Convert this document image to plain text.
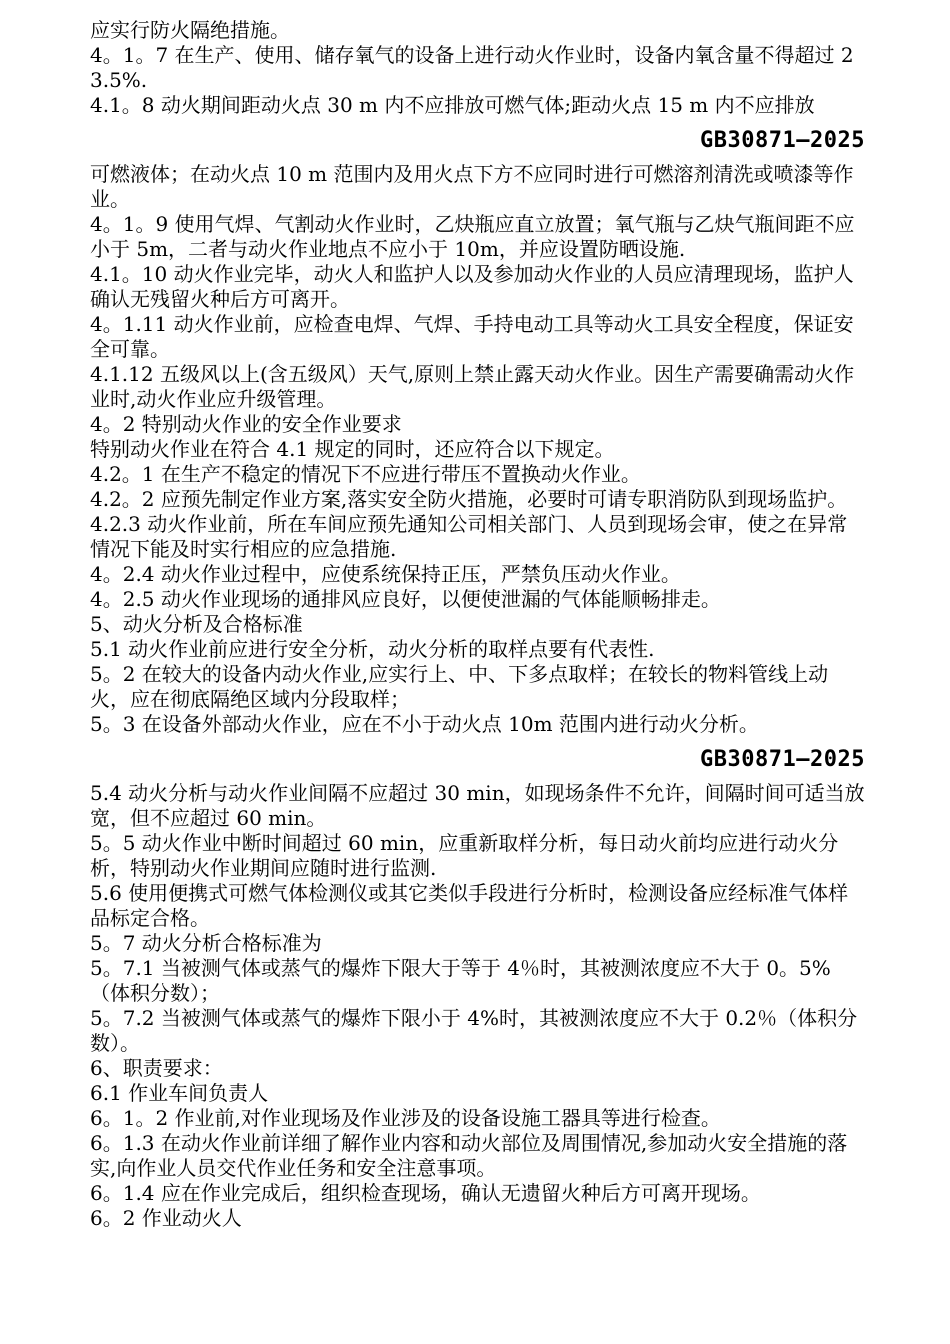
应实行防火隔绝措施。
4。1。7 在生产、使用、储存氧气的设备上进行动火作业时，设备内氧含量不得超过 23.5%.
4.1。8 动火期间距动火点 30 m 内不应排放可燃气体;距动火点 15 m 内不应排放
GB30871—2025
可燃液体；在动火点 10 m 范围内及用火点下方不应同时进行可燃溶剂清洗或喷漆等作业。
4。1。9 使用气焊、气割动火作业时，乙炔瓶应直立放置；氧气瓶与乙炔气瓶间距不应小于 5m，二者与动火作业地点不应小于 10m，并应设置防晒设施.
4.1。10 动火作业完毕，动火人和监护人以及参加动火作业的人员应清理现场，监护人确认无残留火种后方可离开。
4。1.11 动火作业前，应检查电焊、气焊、手持电动工具等动火工具安全程度，保证安全可靠。
4.1.12 五级风以上(含五级风）天气,原则上禁止露天动火作业。因生产需要确需动火作业时,动火作业应升级管理。
4。2 特别动火作业的安全作业要求
特别动火作业在符合 4.1 规定的同时，还应符合以下规定。
4.2。1 在生产不稳定的情况下不应进行带压不置换动火作业。
4.2。2 应预先制定作业方案,落实安全防火措施，必要时可请专职消防队到现场监护。
4.2.3 动火作业前，所在车间应预先通知公司相关部门、人员到现场会审，使之在异常情况下能及时实行相应的应急措施.
4。2.4 动火作业过程中，应使系统保持正压，严禁负压动火作业。
4。2.5 动火作业现场的通排风应良好，以便使泄漏的气体能顺畅排走。
5、动火分析及合格标准
5.1 动火作业前应进行安全分析，动火分析的取样点要有代表性.
5。2 在较大的设备内动火作业,应实行上、中、下多点取样；在较长的物料管线上动火，应在彻底隔绝区域内分段取样；
5。3 在设备外部动火作业，应在不小于动火点 10m 范围内进行动火分析。
GB30871—2025
5.4 动火分析与动火作业间隔不应超过 30 min，如现场条件不允许，间隔时间可适当放宽，但不应超过 60 min。
5。5 动火作业中断时间超过 60 min，应重新取样分析，每日动火前均应进行动火分析，特别动火作业期间应随时进行监测.
5.6 使用便携式可燃气体检测仪或其它类似手段进行分析时，检测设备应经标准气体样品标定合格。
5。7 动火分析合格标准为
5。7.1 当被测气体或蒸气的爆炸下限大于等于 4％时，其被测浓度应不大于 0。5%（体积分数）；
5。7.2 当被测气体或蒸气的爆炸下限小于 4%时，其被测浓度应不大于 0.2％（体积分数）。
6、职责要求：
6.1 作业车间负责人
6。1。2 作业前,对作业现场及作业涉及的设备设施工器具等进行检查。
6。1.3 在动火作业前详细了解作业内容和动火部位及周围情况,参加动火安全措施的落实,向作业人员交代作业任务和安全注意事项。
6。1.4 应在作业完成后，组织检查现场，确认无遗留火种后方可离开现场。
6。2 作业动火人
